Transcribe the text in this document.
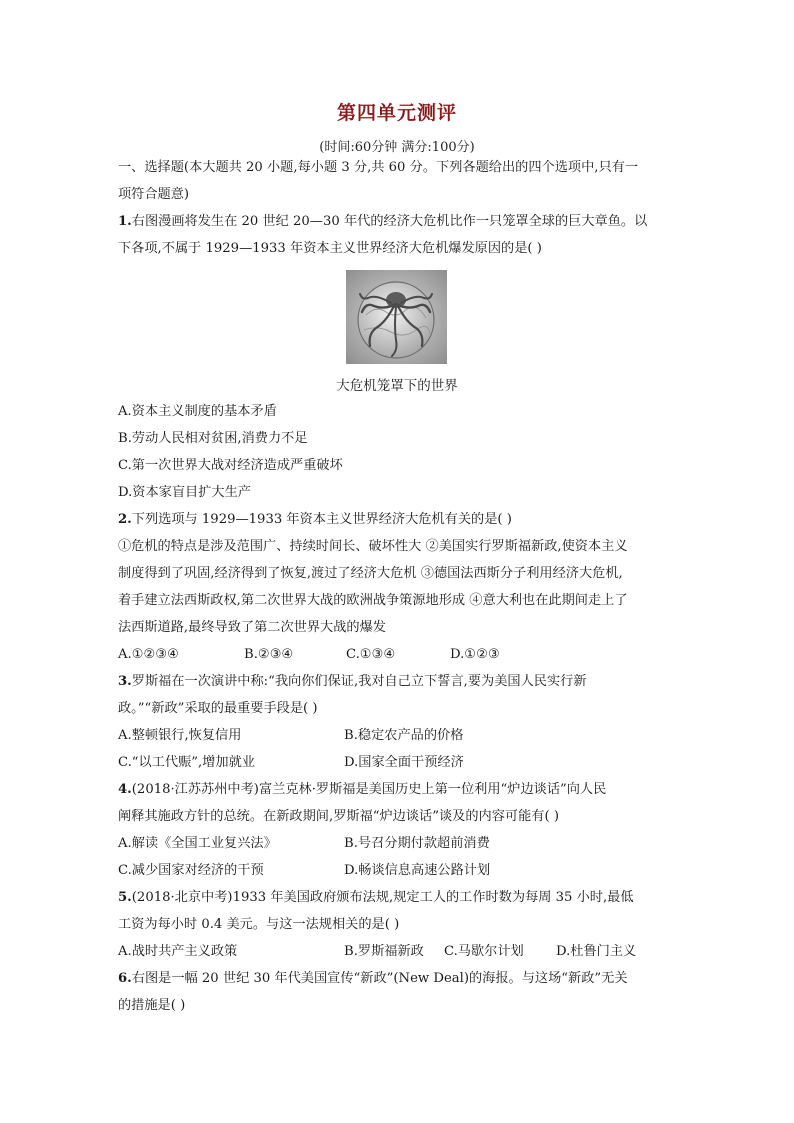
第四单元测评
(时间:60分钟 满分:100分)
一、选择题(本大题共 20 小题,每小题 3 分,共 60 分。下列各题给出的四个选项中,只有一
项符合题意)
1.右图漫画将发生在 20 世纪 20—30 年代的经济大危机比作一只笼罩全球的巨大章鱼。以
下各项,不属于 1929—1933 年资本主义世界经济大危机爆发原因的是( )
大危机笼罩下的世界
A.资本主义制度的基本矛盾
B.劳动人民相对贫困,消费力不足
C.第一次世界大战对经济造成严重破坏
D.资本家盲目扩大生产
2.下列选项与 1929—1933 年资本主义世界经济大危机有关的是( )
①危机的特点是涉及范围广、持续时间长、破坏性大 ②美国实行罗斯福新政,使资本主义
制度得到了巩固,经济得到了恢复,渡过了经济大危机 ③德国法西斯分子利用经济大危机,
着手建立法西斯政权,第二次世界大战的欧洲战争策源地形成 ④意大利也在此期间走上了
法西斯道路,最终导致了第二次世界大战的爆发
A.①②③④	B.②③④	C.①③④	D.①②③
3.罗斯福在一次演讲中称:“我向你们保证,我对自己立下誓言,要为美国人民实行新
政。”“新政”采取的最重要手段是( )
A.整顿银行,恢复信用	B.稳定农产品的价格
C.“以工代赈”,增加就业	D.国家全面干预经济
4.(2018·江苏苏州中考)富兰克林·罗斯福是美国历史上第一位利用“炉边谈话”向人民
阐释其施政方针的总统。在新政期间,罗斯福“炉边谈话”谈及的内容可能有( )
A.解读《全国工业复兴法》	B.号召分期付款超前消费
C.减少国家对经济的干预	D.畅谈信息高速公路计划
5.(2018·北京中考)1933 年美国政府颁布法规,规定工人的工作时数为每周 35 小时,最低
工资为每小时 0.4 美元。与这一法规相关的是( )
A.战时共产主义政策	B.罗斯福新政 C.马歇尔计划 D.杜鲁门主义
6.右图是一幅 20 世纪 30 年代美国宣传“新政”(New Deal)的海报。与这场“新政”无关
的措施是( )
